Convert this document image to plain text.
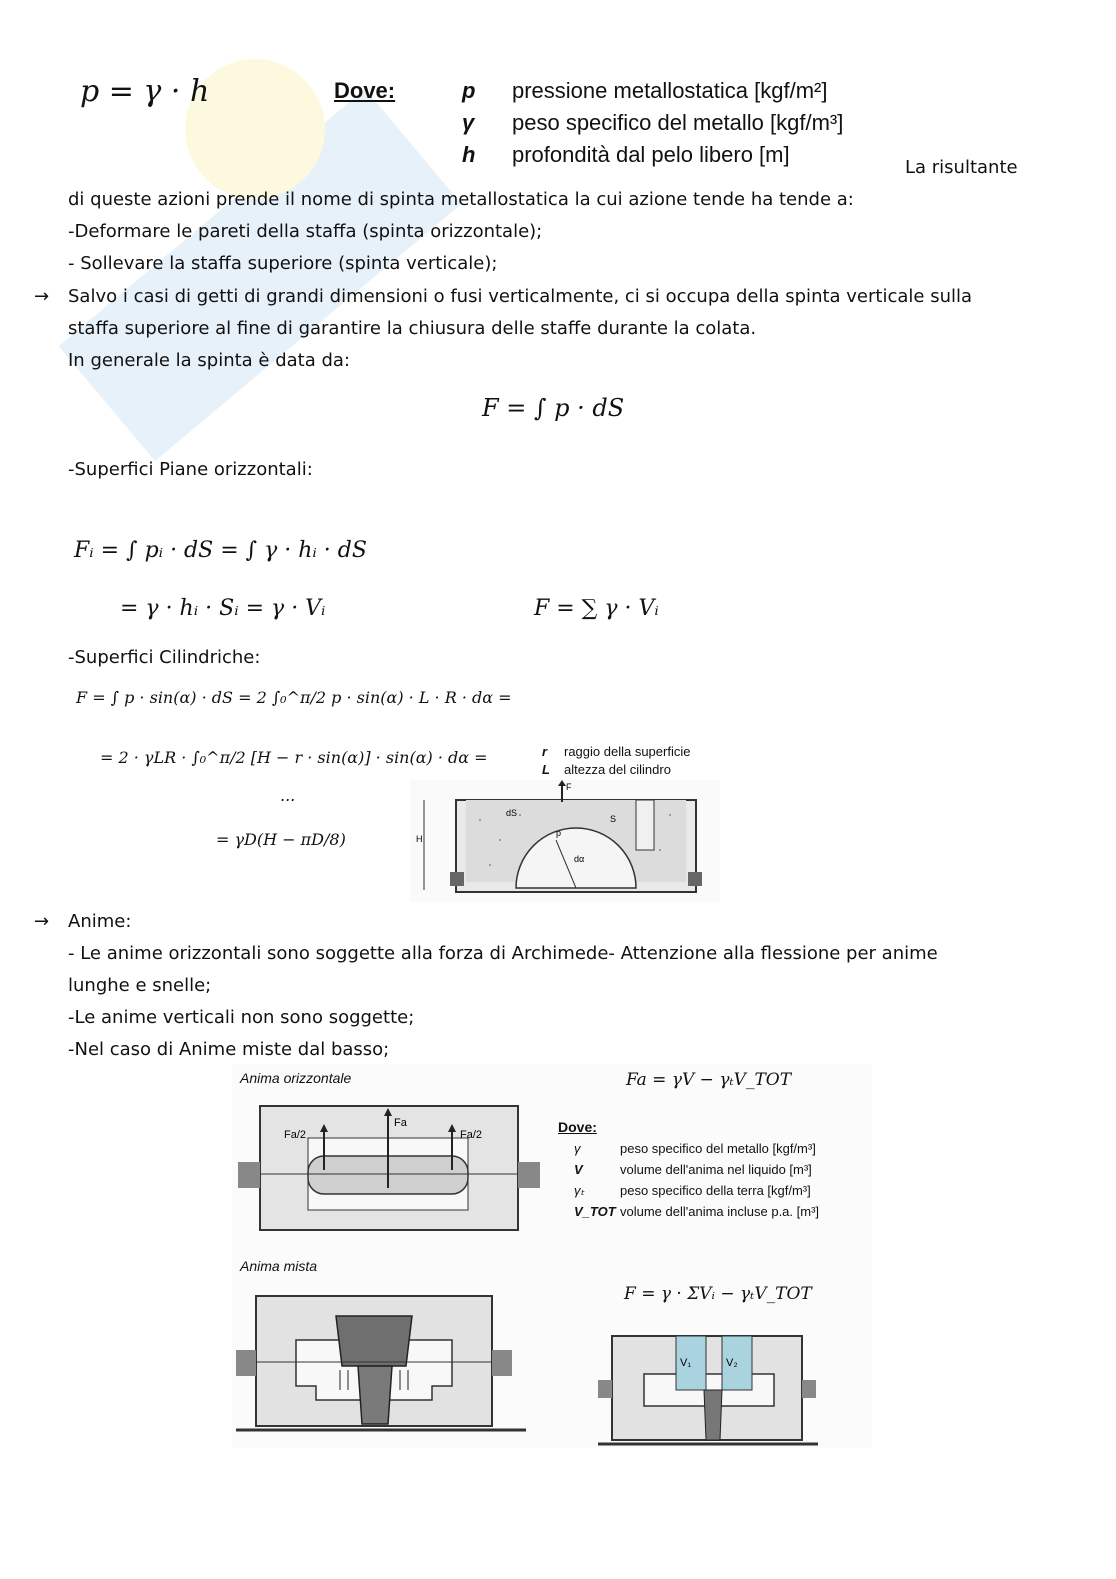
p = γ · h	Dove:	p pressione metallostatica [kgf/m²]
γ peso specifico del metallo [kgf/m³]
h profondità dal pelo libero [m]
La risultante
di queste azioni prende il nome di spinta metallostatica la cui azione tende ha tende a:
-Deformare le pareti della staffa (spinta orizzontale);
- Sollevare la staffa superiore (spinta verticale);
→ Salvo i casi di getti di grandi dimensioni o fusi verticalmente, ci si occupa della spinta verticale sulla
staffa superiore al fine di garantire la chiusura delle staffe durante la colata.
In generale la spinta è data da:
F = ∫ p · dS
-Superfici Piane orizzontali:
Fᵢ = ∫ pᵢ · dS = ∫ γ · hᵢ · dS
= γ · hᵢ · Sᵢ = γ · Vᵢ	F = ∑ γ · Vᵢ
-Superfici Cilindriche:
F = ∫ p · sin(α) · dS = 2 ∫₀^π/2 p · sin(α) · L · R · dα =
= 2 · γLR · ∫₀^π/2 [H − r · sin(α)] · sin(α) · dα =
...
= γD(H − πD/8)
r raggio della superficie
L altezza del cilindro
F
dS
p
S
dα
H
→ Anime:
- Le anime orizzontali sono soggette alla forza di Archimede- Attenzione alla flessione per anime
lunghe e snelle;
-Le anime verticali non sono soggette;
-Nel caso di Anime miste dal basso;
Anima orizzontale	Fa = γV − γₜV_TOT
Fa/2
Fa
Fa/2	Dove:
γ	peso specifico del metallo [kgf/m³]
V	volume dell'anima nel liquido [m³]
γₜ	peso specifico della terra [kgf/m³]
V_TOT volume dell'anima incluse p.a. [m³]
Anima mista
F = γ · ΣVᵢ − γₜV_TOT
V₁	V₂
